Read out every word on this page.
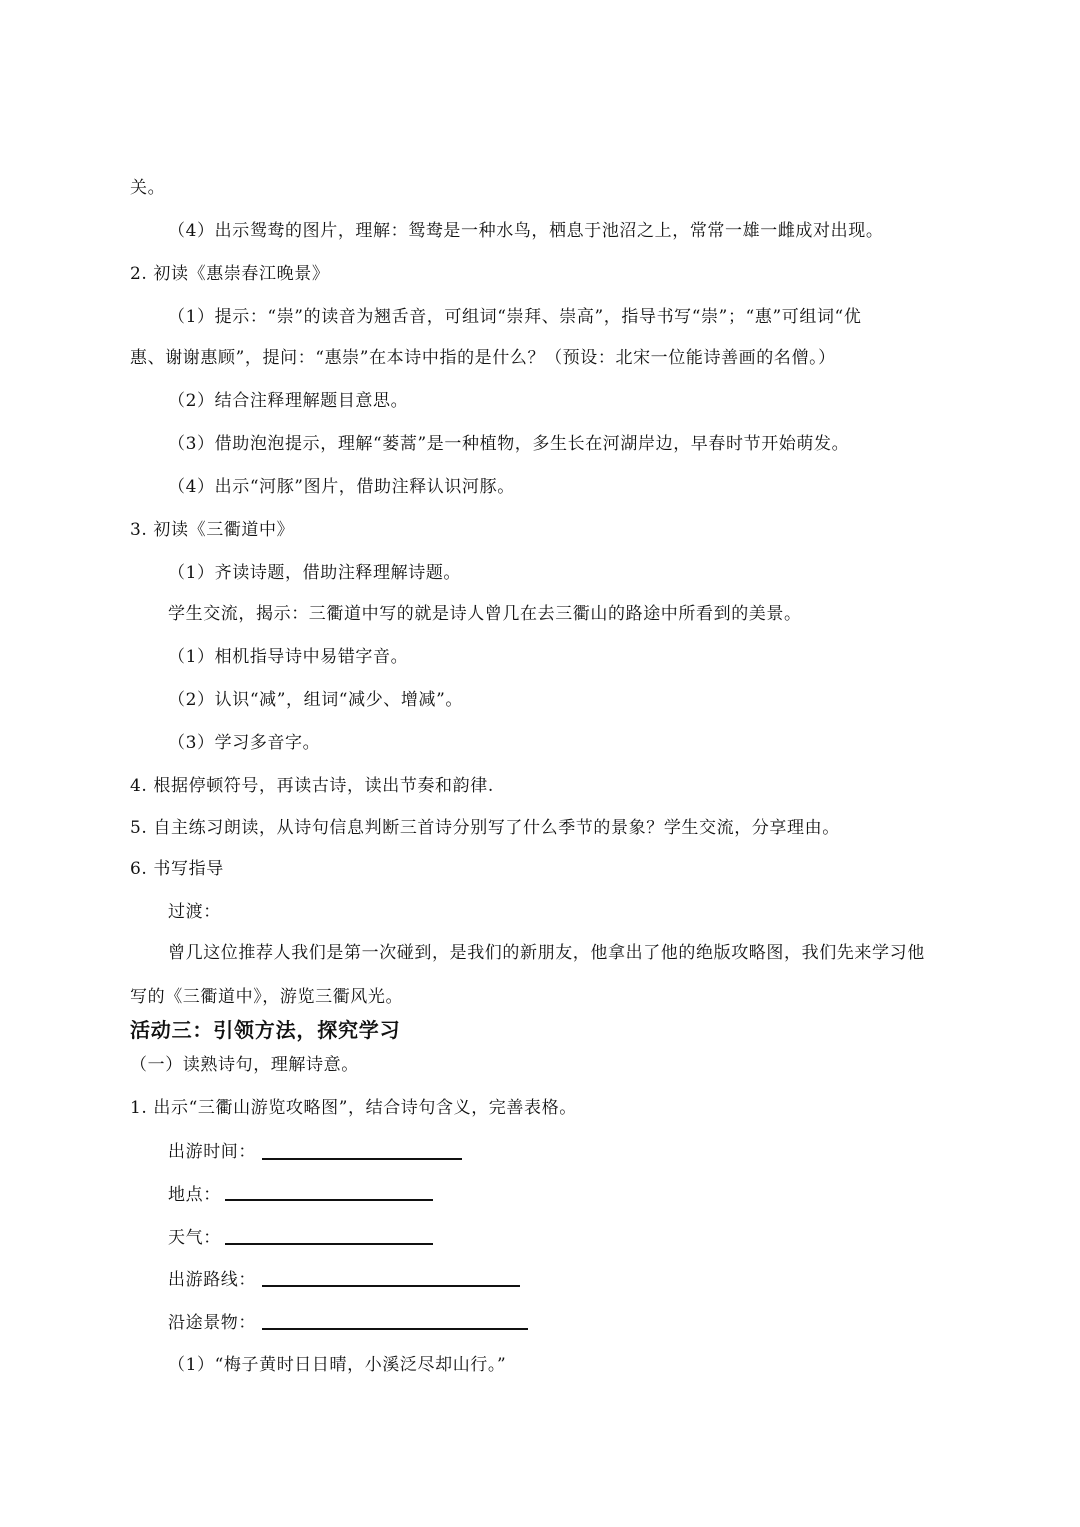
关。
（4）出示鸳鸯的图片，理解：鸳鸯是一种水鸟，栖息于池沼之上，常常一雄一雌成对出现。
2. 初读《惠崇春江晚景》
（1）提示：“崇”的读音为翘舌音，可组词“崇拜、崇高”，指导书写“崇”；“惠”可组词“优
惠、谢谢惠顾”，提问：“惠崇”在本诗中指的是什么？（预设：北宋一位能诗善画的名僧。）
（2）结合注释理解题目意思。
（3）借助泡泡提示，理解“蒌蒿”是一种植物，多生长在河湖岸边，早春时节开始萌发。
（4）出示“河豚”图片，借助注释认识河豚。
3. 初读《三衢道中》
（1）齐读诗题，借助注释理解诗题。
学生交流，揭示：三衢道中写的就是诗人曾几在去三衢山的路途中所看到的美景。
（1）相机指导诗中易错字音。
（2）认识“减”，组词“减少、增减”。
（3）学习多音字。
4. 根据停顿符号，再读古诗，读出节奏和韵律.
5. 自主练习朗读，从诗句信息判断三首诗分别写了什么季节的景象？学生交流，分享理由。
6. 书写指导
过渡：
曾几这位推荐人我们是第一次碰到，是我们的新朋友，他拿出了他的绝版攻略图，我们先来学习他
写的《三衢道中》，游览三衢风光。
活动三：引领方法，探究学习
（一）读熟诗句，理解诗意。
1. 出示“三衢山游览攻略图”，结合诗句含义，完善表格。
出游时间：
地点：
天气：
出游路线：
沿途景物：
（1）“梅子黄时日日晴，小溪泛尽却山行。”
